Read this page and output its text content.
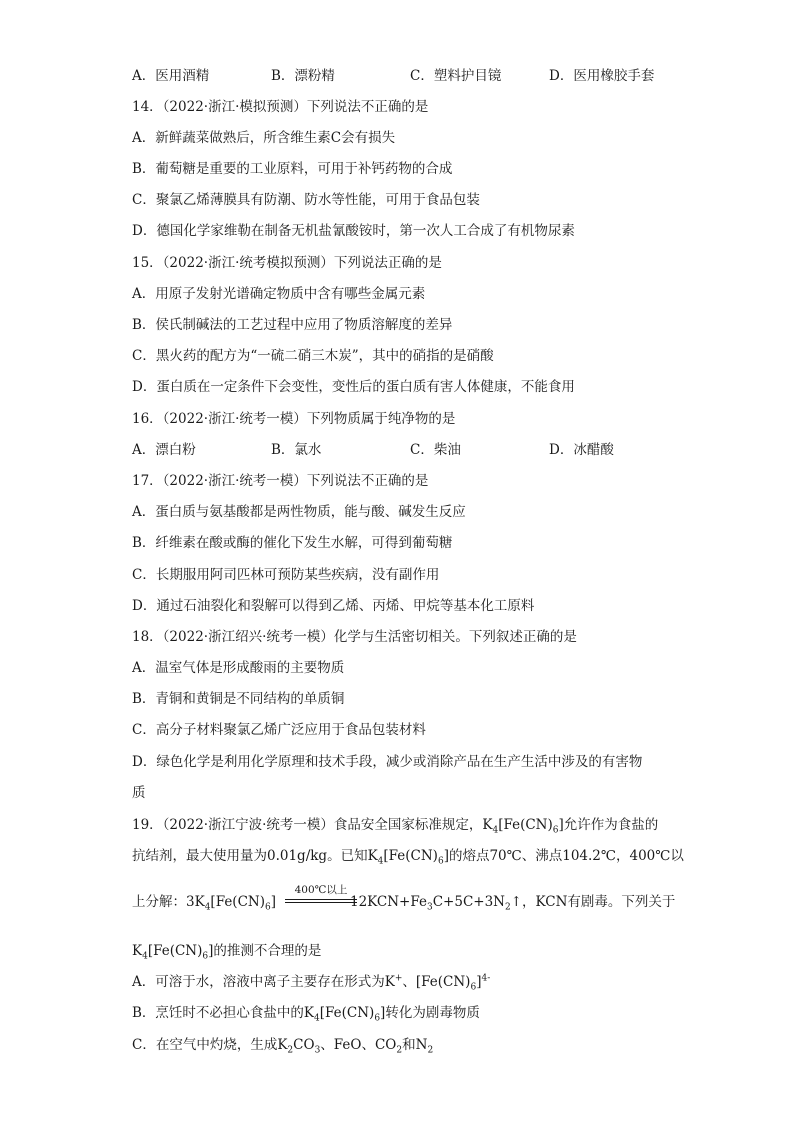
A．医用酒精	B．漂粉精	C．塑料护目镜	D．医用橡胶手套
14．（2022·浙江·模拟预测）下列说法不正确的是
A．新鲜蔬菜做熟后，所含维生素C会有损失
B．葡萄糖是重要的工业原料，可用于补钙药物的合成
C．聚氯乙烯薄膜具有防潮、防水等性能，可用于食品包装
D．德国化学家维勒在制备无机盐氰酸铵时，第一次人工合成了有机物尿素
15．（2022·浙江·统考模拟预测）下列说法正确的是
A．用原子发射光谱确定物质中含有哪些金属元素
B．侯氏制碱法的工艺过程中应用了物质溶解度的差异
C．黑火药的配方为“一硫二硝三木炭”，其中的硝指的是硝酸
D．蛋白质在一定条件下会变性，变性后的蛋白质有害人体健康，不能食用
16．（2022·浙江·统考一模）下列物质属于纯净物的是
A．漂白粉	B．氯水	C．柴油	D．冰醋酸
17．（2022·浙江·统考一模）下列说法不正确的是
A．蛋白质与氨基酸都是两性物质，能与酸、碱发生反应
B．纤维素在酸或酶的催化下发生水解，可得到葡萄糖
C．长期服用阿司匹林可预防某些疾病，没有副作用
D．通过石油裂化和裂解可以得到乙烯、丙烯、甲烷等基本化工原料
18．（2022·浙江绍兴·统考一模）化学与生活密切相关。下列叙述正确的是
A．温室气体是形成酸雨的主要物质
B．青铜和黄铜是不同结构的单质铜
C．高分子材料聚氯乙烯广泛应用于食品包装材料
D．绿色化学是利用化学原理和技术手段，减少或消除产品在生产生活中涉及的有害物
质
19．（2022·浙江宁波·统考一模）食品安全国家标准规定，$K_4[Fe(CN)_6]$允许作为食盐的
抗结剂，最大使用量为0.01g/kg。已知$K_4[Fe(CN)_6]$的熔点70℃、沸点104.2℃，400℃以
上分解：$3K_4[Fe(CN)_6]$	$12KCN+Fe_3C+5C+3N_2↑$，KCN有剧毒。下列关于
400℃以上
$K_4[Fe(CN)_6]$的推测不合理的是
A．可溶于水，溶液中离子主要存在形式为K+、$[Fe(CN)_6]^{4-}$
B．烹饪时不必担心食盐中的$K_4[Fe(CN)_6]$转化为剧毒物质
C．在空气中灼烧，生成$K_2CO_3$、FeO、$CO_2$和$N_2$
